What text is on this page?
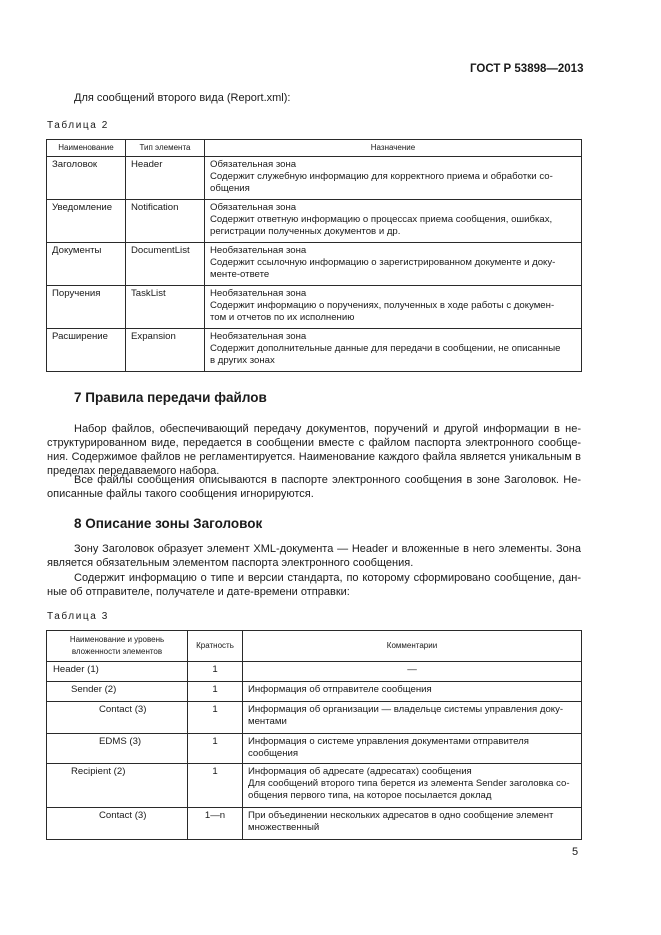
ГОСТ Р 53898—2013

Для сообщений второго вида (Report.xml):

Таблица 2
Наименование	Тип элемента	Назначение
Заголовок	Header	Обязательная зона
Содержит служебную информацию для корректного приема и обработки со-
общения

Уведомление	Notification	Обязательная зона
Содержит ответную информацию о процессах приема сообщения, ошибках,
регистрации полученных документов и др.

Документы	DocumentList	Необязательная зона
Содержит ссылочную информацию о зарегистрированном документе и доку-
менте-ответе

Поручения	TaskList	Необязательная зона
Содержит информацию о поручениях, полученных в ходе работы с докумен-
том и отчетов по их исполнению

Расширение	Expansion	Необязательная зона
Содержит дополнительные данные для передачи в сообщении, не описанные
в других зонах
7 Правила передачи файлов

Набор файлов, обеспечивающий передачу документов, поручений и другой информации в не- структурированном виде, передается в сообщении вместе с файлом паспорта электронного сообще- ния. Содержимое файлов не регламентируется. Наименование каждого файла является уникальным в пределах передаваемого набора.

Все файлы сообщения описываются в паспорте электронного сообщения в зоне Заголовок. Не- описанные файлы такого сообщения игнорируются.

8 Описание зоны Заголовок

Зону Заголовок образует элемент XML-документа — Header и вложенные в него элементы. Зона является обязательным элементом паспорта электронного сообщения.

Содержит информацию о типе и версии стандарта, по которому сформировано сообщение, дан- ные об отправителе, получателе и дате-времени отправки:

Таблица 3
Наименование и уровень вложенности элементов	Кратность	Комментарии
Header (1)	1	—
Sender (2)	1	Информация об отправителе сообщения
Contact (3)	1	Информация об организации — владельце системы управления доку-
ментами

EDMS (3)	1	Информация о системе управления документами отправителя сообщения
Recipient (2)	1	Информация об адресате (адресатах) сообщения
Для сообщений второго типа берется из элемента Sender заголовка со-
общения первого типа, на которое посылается доклад

Contact (3)	1—n	При объединении нескольких адресатов в одно сообщение элемент
множественный
5
